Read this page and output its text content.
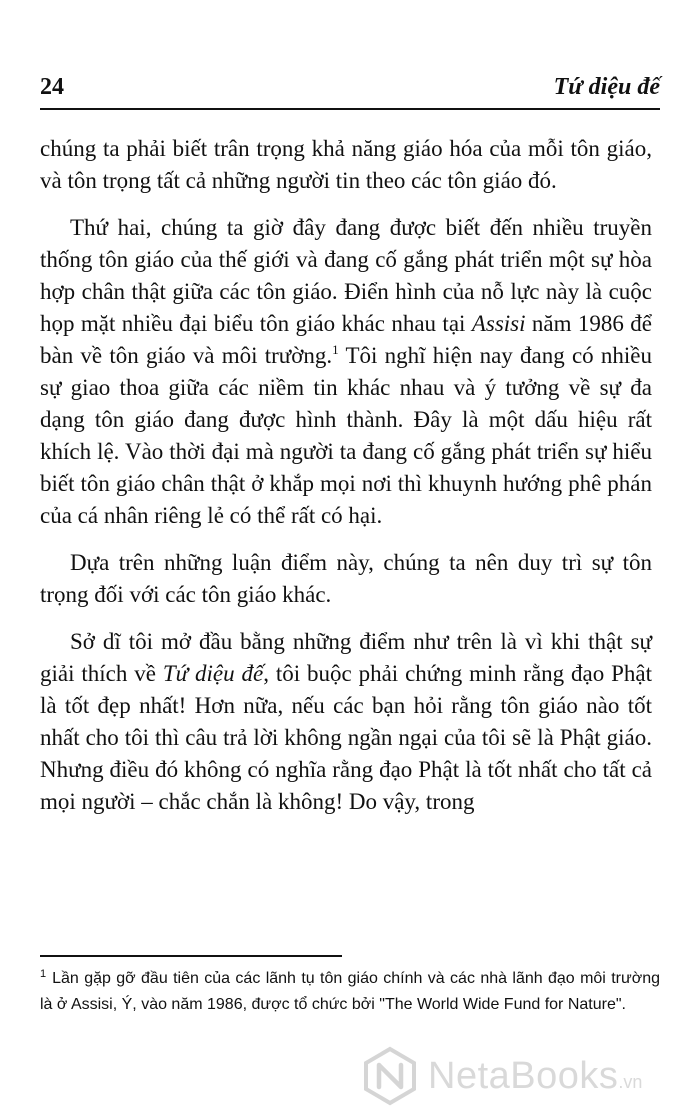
24	Tứ diệu đế

chúng ta phải biết trân trọng khả năng giáo hóa của mỗi tôn giáo, và tôn trọng tất cả những người tin theo các tôn giáo đó.

Thứ hai, chúng ta giờ đây đang được biết đến nhiều truyền thống tôn giáo của thế giới và đang cố gắng phát triển một sự hòa hợp chân thật giữa các tôn giáo. Điển hình của nỗ lực này là cuộc họp mặt nhiều đại biểu tôn giáo khác nhau tại Assisi năm 1986 để bàn về tôn giáo và môi trường.$^1$ Tôi nghĩ hiện nay đang có nhiều sự giao thoa giữa các niềm tin khác nhau và ý tưởng về sự đa dạng tôn giáo đang được hình thành. Đây là một dấu hiệu rất khích lệ. Vào thời đại mà người ta đang cố gắng phát triển sự hiểu biết tôn giáo chân thật ở khắp mọi nơi thì khuynh hướng phê phán của cá nhân riêng lẻ có thể rất có hại.

Dựa trên những luận điểm này, chúng ta nên duy trì sự tôn trọng đối với các tôn giáo khác.

Sở dĩ tôi mở đầu bằng những điểm như trên là vì khi thật sự giải thích về Tứ diệu đế, tôi buộc phải chứng minh rằng đạo Phật là tốt đẹp nhất! Hơn nữa, nếu các bạn hỏi rằng tôn giáo nào tốt nhất cho tôi thì câu trả lời không ngần ngại của tôi sẽ là Phật giáo. Nhưng điều đó không có nghĩa rằng đạo Phật là tốt nhất cho tất cả mọi người – chắc chắn là không! Do vậy, trong

$^1$ Lần gặp gỡ đầu tiên của các lãnh tụ tôn giáo chính và các nhà lãnh đạo môi trường là ở Assisi, Ý, vào năm 1986, được tổ chức bởi "The World Wide Fund for Nature".
NetaBooks.vn
